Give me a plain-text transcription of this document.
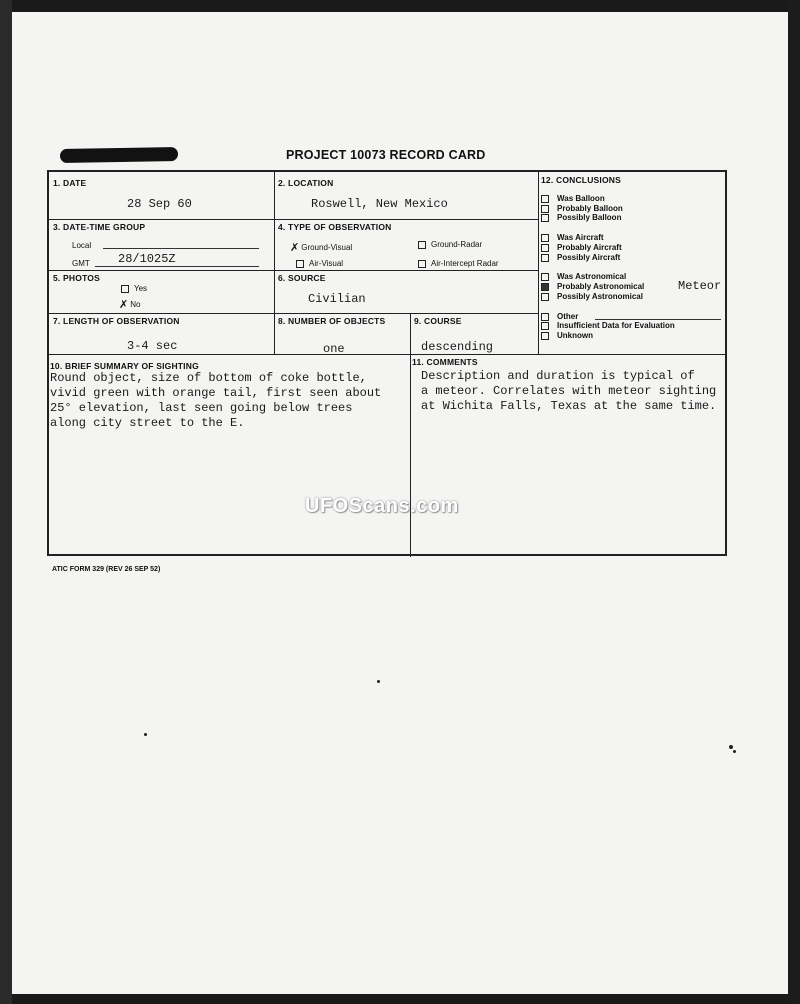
PROJECT 10073 RECORD CARD
1. DATE
28 Sep 60
2. LOCATION
Roswell, New Mexico
3. DATE-TIME GROUP
Local
GMT 28/1025Z
4. TYPE OF OBSERVATION
✗ Ground-Visual	Ground-Radar
Air-Visual	Air-Intercept Radar
5. PHOTOS
Yes
✗ No
6. SOURCE
Civilian
7. LENGTH OF OBSERVATION
3-4 sec
8. NUMBER OF OBJECTS
one
9. COURSE
descending
10. BRIEF SUMMARY OF SIGHTING
Round object, size of bottom of coke bottle,
vivid green with orange tail, first seen about
25° elevation, last seen going below trees
along city street to the E.
11. COMMENTS
Description and duration is typical of
a meteor. Correlates with meteor sighting
at Wichita Falls, Texas at the same time.
12. CONCLUSIONS
Was Balloon
Probably Balloon
Possibly Balloon
Was Aircraft
Probably Aircraft
Possibly Aircraft
Was Astronomical
Probably Astronomical
Possibly Astronomical
Meteor
Other
Insufficient Data for Evaluation
Unknown
ATIC FORM 329 (REV 26 SEP 52)
UFOScans.com
